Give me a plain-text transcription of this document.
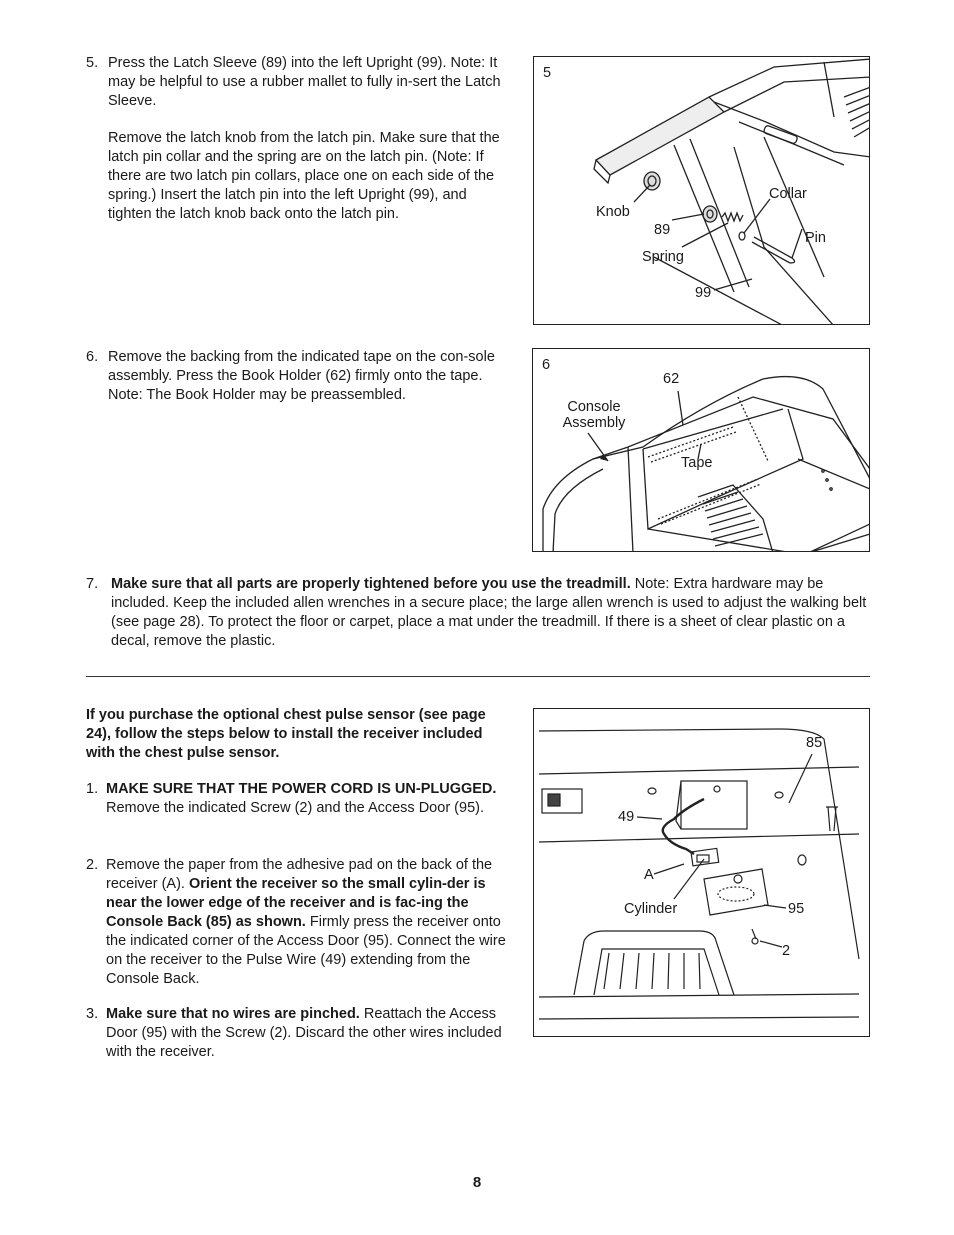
5. Press the Latch Sleeve (89) into the left Upright (99). Note: It may be helpful to use a rubber mallet to fully in-sert the Latch Sleeve.

Remove the latch knob from the latch pin. Make sure that the latch pin collar and the spring are on the latch pin. (Note: If there are two latch pin collars, place one on each side of the spring.) Insert the latch pin into the left Upright (99), and tighten the latch knob back onto the latch pin.

5
Knob
Collar
89	Pin
Spring
99
6. Remove the backing from the indicated tape on the con-sole assembly. Press the Book Holder (62) firmly onto the tape. Note: The Book Holder may be preassembled.
6
62
Console
Assembly
Tape
7. Make sure that all parts are properly tightened before you use the treadmill. Note: Extra hardware may be included. Keep the included allen wrenches in a secure place; the large allen wrench is used to adjust the walking belt (see page 28). To protect the floor or carpet, place a mat under the treadmill. If there is a sheet of clear plastic on a decal, remove the plastic.
If you purchase the optional chest pulse sensor (see page 24), follow the steps below to install the receiver included with the chest pulse sensor.
1. MAKE SURE THAT THE POWER CORD IS UN-PLUGGED. Remove the indicated Screw (2) and the Access Door (95).
2. Remove the paper from the adhesive pad on the back of the receiver (A). Orient the receiver so the small cylin-der is near the lower edge of the receiver and is fac-ing the Console Back (85) as shown. Firmly press the receiver onto the indicated corner of the Access Door (95). Connect the wire on the receiver to the Pulse Wire (49) extending from the Console Back.
3. Make sure that no wires are pinched. Reattach the Access Door (95) with the Screw (2). Discard the other wires included with the receiver.
85
49
A
Cylinder	95
2
8
